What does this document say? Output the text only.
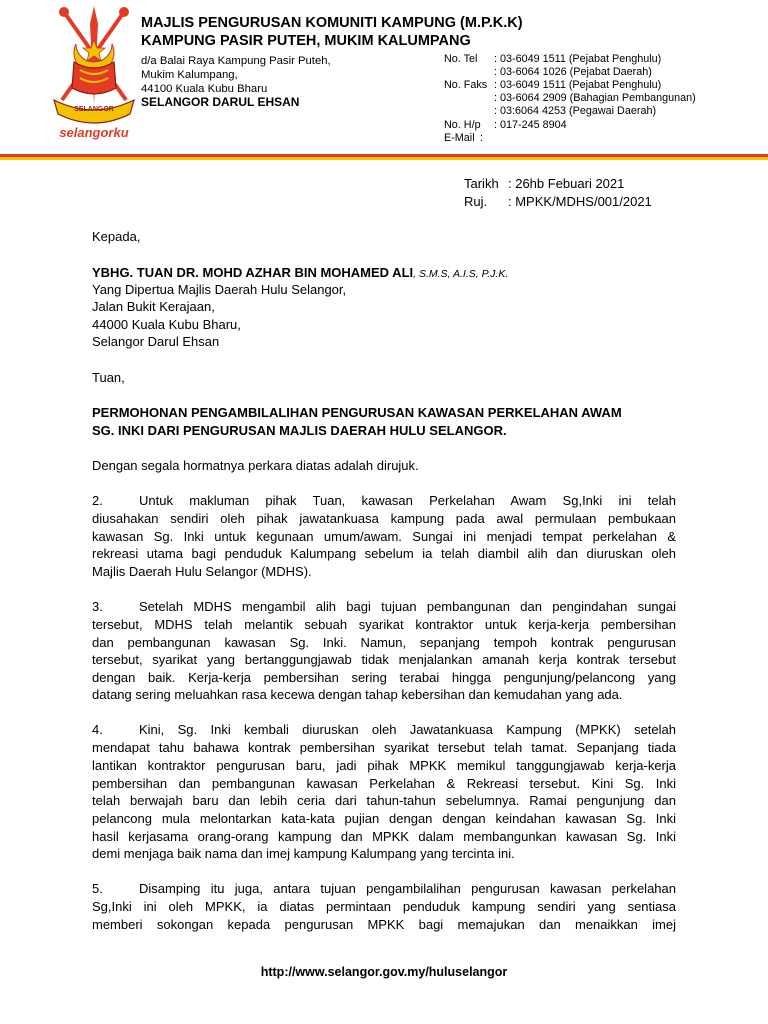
SELANGOR
selangorku
MAJLIS PENGURUSAN KOMUNITI KAMPUNG (M.P.K.K)
KAMPUNG PASIR PUTEH, MUKIM KALUMPANG
d/a Balai Raya Kampung Pasir Puteh,
Mukim Kalumpang,
44100 Kuala Kubu Bharu
SELANGOR DARUL EHSAN
No. Tel : 03-6049 1511 (Pejabat Penghulu)
: 03-6064 1026 (Pejabat Daerah)
No. Faks : 03-6049 1511 (Pejabat Penghulu)
: 03-6064 2909 (Bahagian Pembangunan)
: 03:6064 4253 (Pegawai Daerah)
No. H/p : 017-245 8904
E-Mail :
Tarikh : 26hb Febuari 2021
Ruj. : MPKK/MDHS/001/2021
Kepada,
YBHG. TUAN DR. MOHD AZHAR BIN MOHAMED ALI, S.M.S, A.I.S, P.J.K.
Yang Dipertua Majlis Daerah Hulu Selangor,
Jalan Bukit Kerajaan,
44000 Kuala Kubu Bharu,
Selangor Darul Ehsan
Tuan,
PERMOHONAN PENGAMBILALIHAN PENGURUSAN KAWASAN PERKELAHAN AWAM
SG. INKI DARI PENGURUSAN MAJLIS DAERAH HULU SELANGOR.
Dengan segala hormatnya perkara diatas adalah dirujuk.
2.	Untuk makluman pihak Tuan, kawasan Perkelahan Awam Sg,Inki ini telah
diusahakan sendiri oleh pihak jawatankuasa kampung pada awal permulaan pembukaan
kawasan Sg. Inki untuk kegunaan umum/awam. Sungai ini menjadi tempat perkelahan &
rekreasi utama bagi penduduk Kalumpang sebelum ia telah diambil alih dan diuruskan oleh
Majlis Daerah Hulu Selangor (MDHS).
3.	Setelah MDHS mengambil alih bagi tujuan pembangunan dan pengindahan sungai
tersebut, MDHS telah melantik sebuah syarikat kontraktor untuk kerja-kerja pembersihan
dan pembangunan kawasan Sg. Inki. Namun, sepanjang tempoh kontrak pengurusan
tersebut, syarikat yang bertanggungjawab tidak menjalankan amanah kerja kontrak tersebut
dengan baik. Kerja-kerja pembersihan sering terabai hingga pengunjung/pelancong yang
datang sering meluahkan rasa kecewa dengan tahap kebersihan dan kemudahan yang ada.
4.	Kini, Sg. Inki kembali diuruskan oleh Jawatankuasa Kampung (MPKK) setelah
mendapat tahu bahawa kontrak pembersihan syarikat tersebut telah tamat. Sepanjang tiada
lantikan kontraktor pengurusan baru, jadi pihak MPKK memikul tanggungjawab kerja-kerja
pembersihan dan pembangunan kawasan Perkelahan & Rekreasi tersebut. Kini Sg. Inki
telah berwajah baru dan lebih ceria dari tahun-tahun sebelumnya. Ramai pengunjung dan
pelancong mula melontarkan kata-kata pujian dengan dengan keindahan kawasan Sg. Inki
hasil kerjasama orang-orang kampung dan MPKK dalam membangunkan kawasan Sg. Inki
demi menjaga baik nama dan imej kampung Kalumpang yang tercinta ini.
5.	Disamping itu juga, antara tujuan pengambilalihan pengurusan kawasan perkelahan
Sg,Inki ini oleh MPKK, ia diatas permintaan penduduk kampung sendiri yang sentiasa
memberi sokongan kepada pengurusan MPKK bagi memajukan dan menaikkan imej
http://www.selangor.gov.my/huluselangor
